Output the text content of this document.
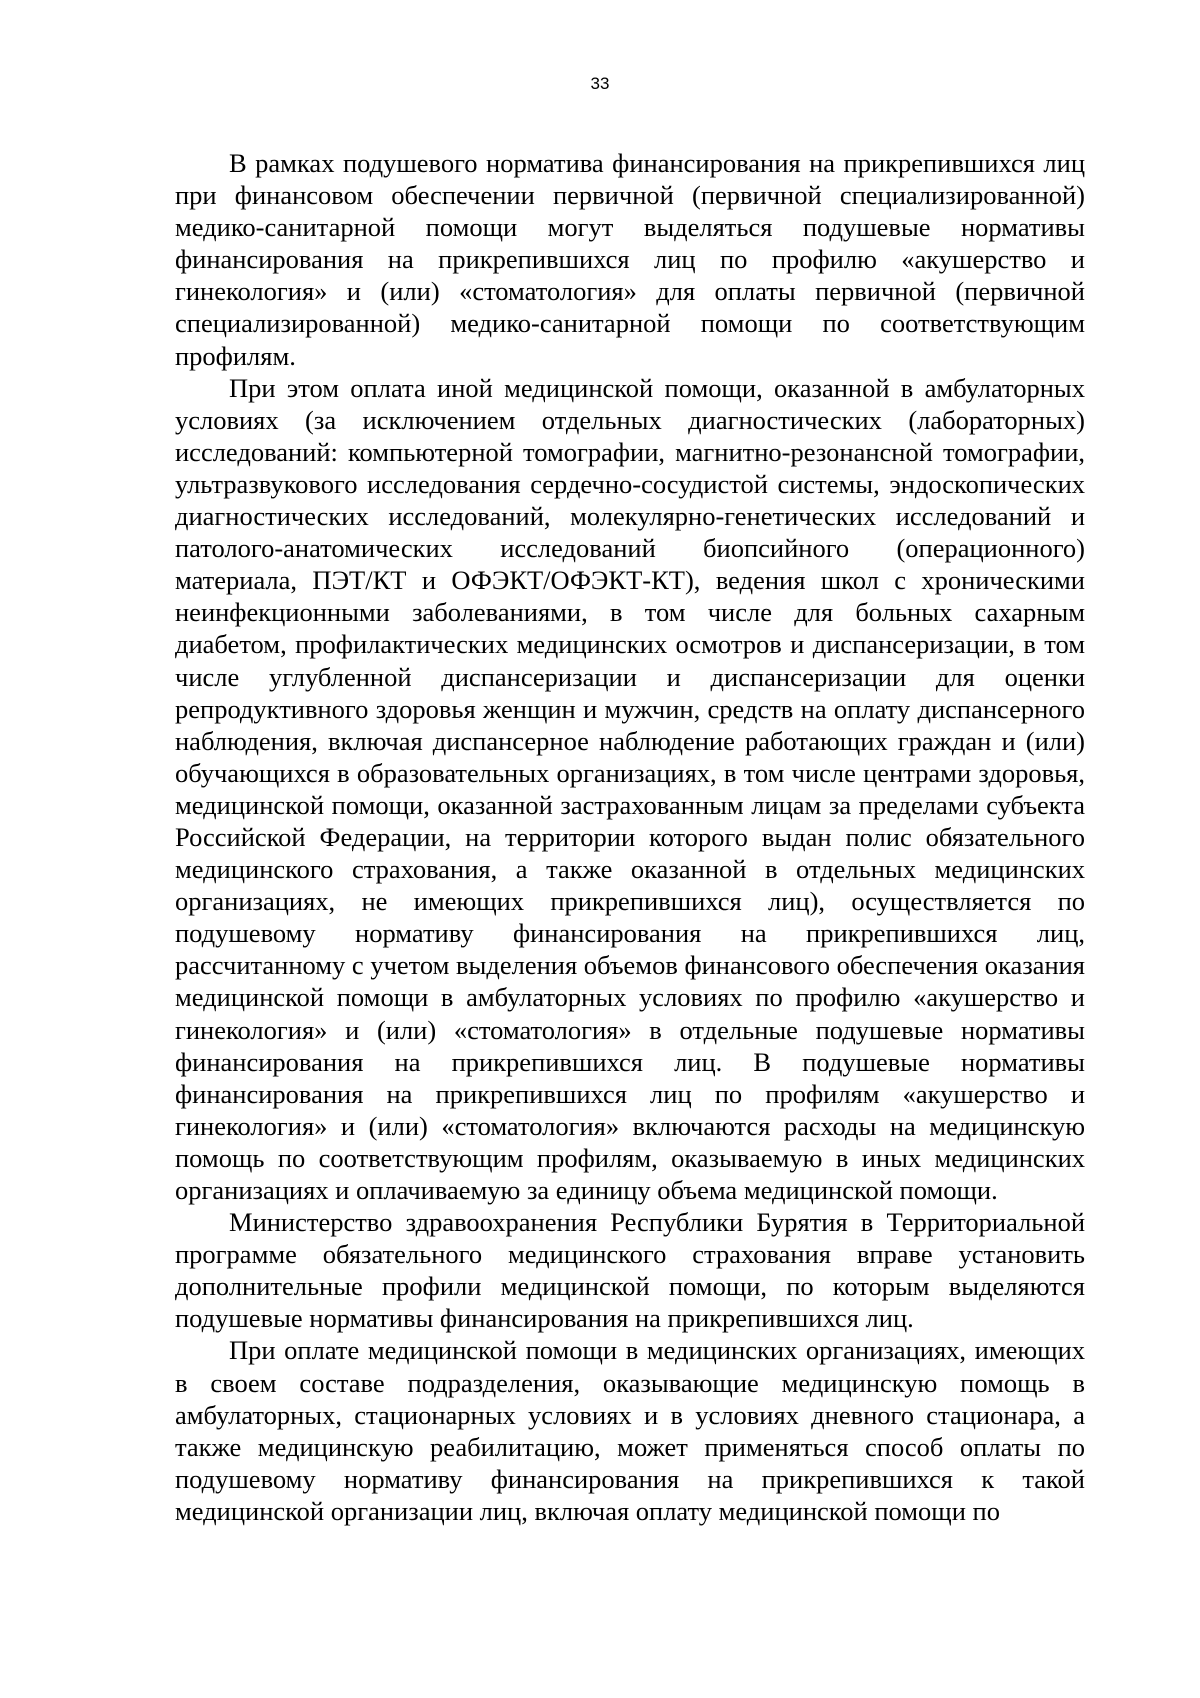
33

В рамках подушевого норматива финансирования на прикрепившихся лиц при финансовом обеспечении первичной (первичной специализированной) медико-санитарной помощи могут выделяться подушевые нормативы финансирования на прикрепившихся лиц по профилю «акушерство и гинекология» и (или) «стоматология» для оплаты первичной (первичной специализированной) медико-санитарной помощи по соответствующим профилям.

При этом оплата иной медицинской помощи, оказанной в амбулаторных условиях (за исключением отдельных диагностических (лабораторных) исследований: компьютерной томографии, магнитно-резонансной томографии, ультразвукового исследования сердечно-сосудистой системы, эндоскопических диагностических исследований, молекулярно-генетических исследований и патолого-анатомических исследований биопсийного (операционного) материала, ПЭТ/КТ и ОФЭКТ/ОФЭКТ-КТ), ведения школ с хроническими неинфекционными заболеваниями, в том числе для больных сахарным диабетом, профилактических медицинских осмотров и диспансеризации, в том числе углубленной диспансеризации и диспансеризации для оценки репродуктивного здоровья женщин и мужчин, средств на оплату диспансерного наблюдения, включая диспансерное наблюдение работающих граждан и (или) обучающихся в образовательных организациях, в том числе центрами здоровья, медицинской помощи, оказанной застрахованным лицам за пределами субъекта Российской Федерации, на территории которого выдан полис обязательного медицинского страхования, а также оказанной в отдельных медицинских организациях, не имеющих прикрепившихся лиц), осуществляется по подушевому нормативу финансирования на прикрепившихся лиц, рассчитанному с учетом выделения объемов финансового обеспечения оказания медицинской помощи в амбулаторных условиях по профилю «акушерство и гинекология» и (или) «стоматология» в отдельные подушевые нормативы финансирования на прикрепившихся лиц. В подушевые нормативы финансирования на прикрепившихся лиц по профилям «акушерство и гинекология» и (или) «стоматология» включаются расходы на медицинскую помощь по соответствующим профилям, оказываемую в иных медицинских организациях и оплачиваемую за единицу объема медицинской помощи.

Министерство здравоохранения Республики Бурятия в Территориальной программе обязательного медицинского страхования вправе установить дополнительные профили медицинской помощи, по которым выделяются подушевые нормативы финансирования на прикрепившихся лиц.

При оплате медицинской помощи в медицинских организациях, имеющих в своем составе подразделения, оказывающие медицинскую помощь в амбулаторных, стационарных условиях и в условиях дневного стационара, а также медицинскую реабилитацию, может применяться способ оплаты по подушевому нормативу финансирования на прикрепившихся к такой медицинской организации лиц, включая оплату медицинской помощи по
